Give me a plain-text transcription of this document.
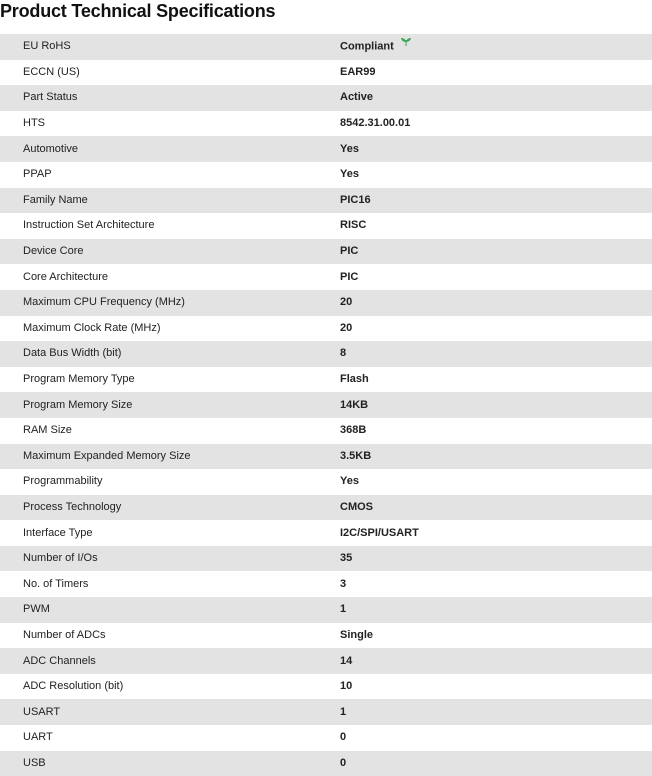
Product Technical Specifications
EU RoHS	Compliant
ECCN (US)	EAR99
Part Status	Active
HTS	8542.31.00.01
Automotive	Yes
PPAP	Yes
Family Name	PIC16
Instruction Set Architecture	RISC
Device Core	PIC
Core Architecture	PIC
Maximum CPU Frequency (MHz)	20
Maximum Clock Rate (MHz)	20
Data Bus Width (bit)	8
Program Memory Type	Flash
Program Memory Size	14KB
RAM Size	368B
Maximum Expanded Memory Size	3.5KB
Programmability	Yes
Process Technology	CMOS
Interface Type	I2C/SPI/USART
Number of I/Os	35
No. of Timers	3
PWM	1
Number of ADCs	Single
ADC Channels	14
ADC Resolution (bit)	10
USART	1
UART	0
USB	0
